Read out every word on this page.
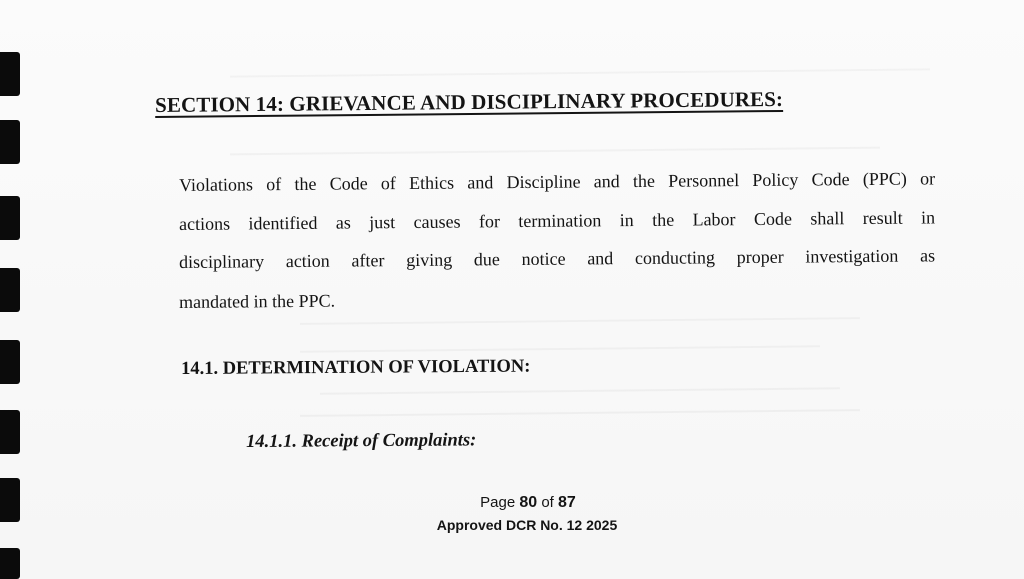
SECTION 14: GRIEVANCE AND DISCIPLINARY PROCEDURES:
Violations of the Code of Ethics and Discipline and the Personnel Policy Code (PPC) or
actions identified as just causes for termination in the Labor Code shall result in
disciplinary action after giving due notice and conducting proper investigation as
mandated in the PPC.
14.1. DETERMINATION OF VIOLATION:
14.1.1. Receipt of Complaints:
Page 80 of 87
Approved DCR No. 12 2025
